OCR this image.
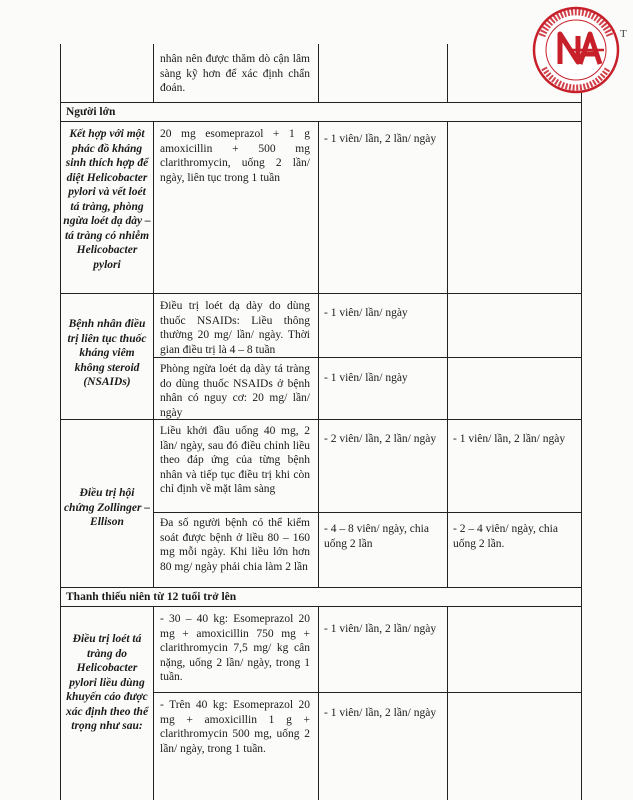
nhân nên được thăm dò cận lâm sàng kỹ hơn để xác định chẩn đoán.
Người lớn
Kết hợp với một phác đồ kháng sinh thích hợp để diệt Helicobacter pylori và vết loét tá tràng, phòng ngừa loét dạ dày – tá tràng có nhiễm Helicobacter pylori
20 mg esomeprazol + 1 g amoxicillin + 500 mg clarithromycin, uống 2 lần/ ngày, liên tục trong 1 tuần
- 1 viên/ lần, 2 lần/ ngày
Bệnh nhân điều trị liên tục thuốc kháng viêm không steroid (NSAIDs)
Điều trị loét dạ dày do dùng thuốc NSAIDs: Liều thông thường 20 mg/ lần/ ngày. Thời gian điều trị là 4 – 8 tuần
- 1 viên/ lần/ ngày
Phòng ngừa loét dạ dày tá tràng do dùng thuốc NSAIDs ở bệnh nhân có nguy cơ: 20 mg/ lần/ ngày
- 1 viên/ lần/ ngày
Điều trị hội chứng Zollinger – Ellison
Liều khởi đầu uống 40 mg, 2 lần/ ngày, sau đó điều chỉnh liều theo đáp ứng của từng bệnh nhân và tiếp tục điều trị khi còn chỉ định về mặt lâm sàng
- 2 viên/ lần, 2 lần/ ngày	- 1 viên/ lần, 2 lần/ ngày
Đa số người bệnh có thể kiểm soát được bệnh ở liều 80 – 160 mg mỗi ngày. Khi liều lớn hơn 80 mg/ ngày phải chia làm 2 lần
- 4 – 8 viên/ ngày, chia uống 2 lần
- 2 – 4 viên/ ngày, chia uống 2 lần.
Thanh thiếu niên từ 12 tuổi trở lên
Điều trị loét tá tràng do Helicobacter pylori liều dùng khuyến cáo được xác định theo thể trọng như sau:
- 30 – 40 kg: Esomeprazol 20 mg + amoxicillin 750 mg + clarithromycin 7,5 mg/ kg cân nặng, uống 2 lần/ ngày, trong 1 tuần.
- 1 viên/ lần, 2 lần/ ngày
- Trên 40 kg: Esomeprazol 20 mg + amoxicillin 1 g + clarithromycin 500 mg, uống 2 lần/ ngày, trong 1 tuần.
- 1 viên/ lần, 2 lần/ ngày
T
